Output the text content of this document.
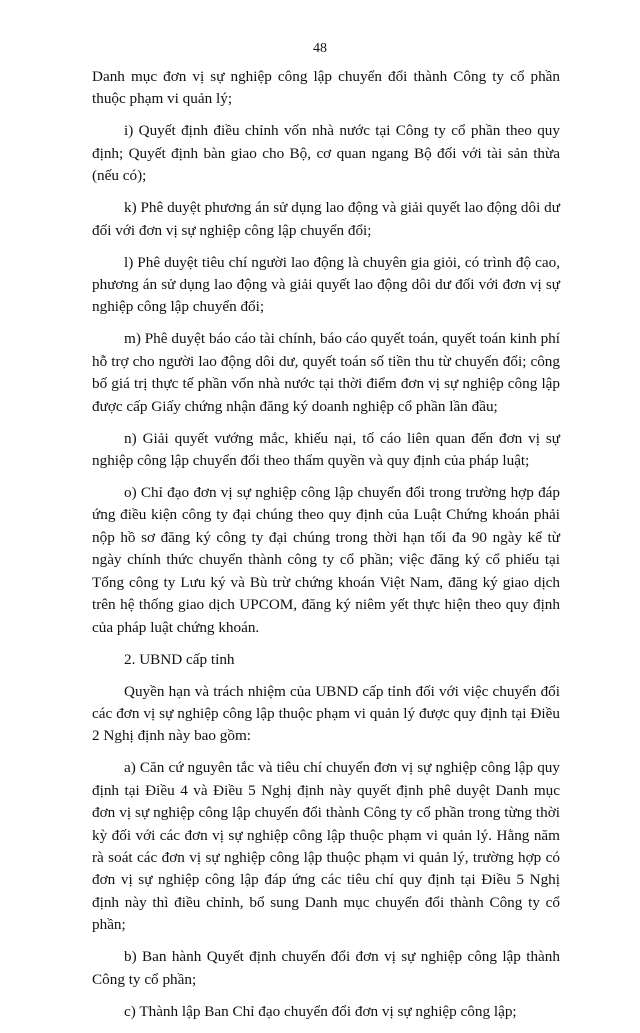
48

Danh mục đơn vị sự nghiệp công lập chuyển đổi thành Công ty cổ phần thuộc phạm vi quản lý;

i) Quyết định điều chỉnh vốn nhà nước tại Công ty cổ phần theo quy định; Quyết định bàn giao cho Bộ, cơ quan ngang Bộ đối với tài sản thừa (nếu có);

k) Phê duyệt phương án sử dụng lao động và giải quyết lao động dôi dư đối với đơn vị sự nghiệp công lập chuyển đổi;

l) Phê duyệt tiêu chí người lao động là chuyên gia giỏi, có trình độ cao, phương án sử dụng lao động và giải quyết lao động dôi dư đối với đơn vị sự nghiệp công lập chuyển đổi;

m) Phê duyệt báo cáo tài chính, báo cáo quyết toán, quyết toán kinh phí hỗ trợ cho người lao động dôi dư, quyết toán số tiền thu từ chuyển đổi; công bố giá trị thực tế phần vốn nhà nước tại thời điểm đơn vị sự nghiệp công lập được cấp Giấy chứng nhận đăng ký doanh nghiệp cổ phần lần đầu;

n) Giải quyết vướng mắc, khiếu nại, tố cáo liên quan đến đơn vị sự nghiệp công lập chuyển đổi theo thẩm quyền và quy định của pháp luật;

o) Chỉ đạo đơn vị sự nghiệp công lập chuyển đổi trong trường hợp đáp ứng điều kiện công ty đại chúng theo quy định của Luật Chứng khoán phải nộp hồ sơ đăng ký công ty đại chúng trong thời hạn tối đa 90 ngày kể từ ngày chính thức chuyển thành công ty cổ phần; việc đăng ký cổ phiếu tại Tổng công ty Lưu ký và Bù trừ chứng khoán Việt Nam, đăng ký giao dịch trên hệ thống giao dịch UPCOM, đăng ký niêm yết thực hiện theo quy định của pháp luật chứng khoán.

2. UBND cấp tỉnh

Quyền hạn và trách nhiệm của UBND cấp tỉnh đối với việc chuyển đổi các đơn vị sự nghiệp công lập thuộc phạm vi quản lý được quy định tại Điều 2 Nghị định này bao gồm:

a) Căn cứ nguyên tắc và tiêu chí chuyển đơn vị sự nghiệp công lập quy định tại Điều 4 và Điều 5 Nghị định này quyết định phê duyệt Danh mục đơn vị sự nghiệp công lập chuyển đổi thành Công ty cổ phần trong từng thời kỳ đối với các đơn vị sự nghiệp công lập thuộc phạm vi quản lý. Hằng năm rà soát các đơn vị sự nghiệp công lập thuộc phạm vi quản lý, trường hợp có đơn vị sự nghiệp công lập đáp ứng các tiêu chí quy định tại Điều 5 Nghị định này thì điều chỉnh, bổ sung Danh mục chuyển đổi thành Công ty cổ phần;

b) Ban hành Quyết định chuyển đổi đơn vị sự nghiệp công lập thành Công ty cổ phần;

c) Thành lập Ban Chỉ đạo chuyển đổi đơn vị sự nghiệp công lập;
